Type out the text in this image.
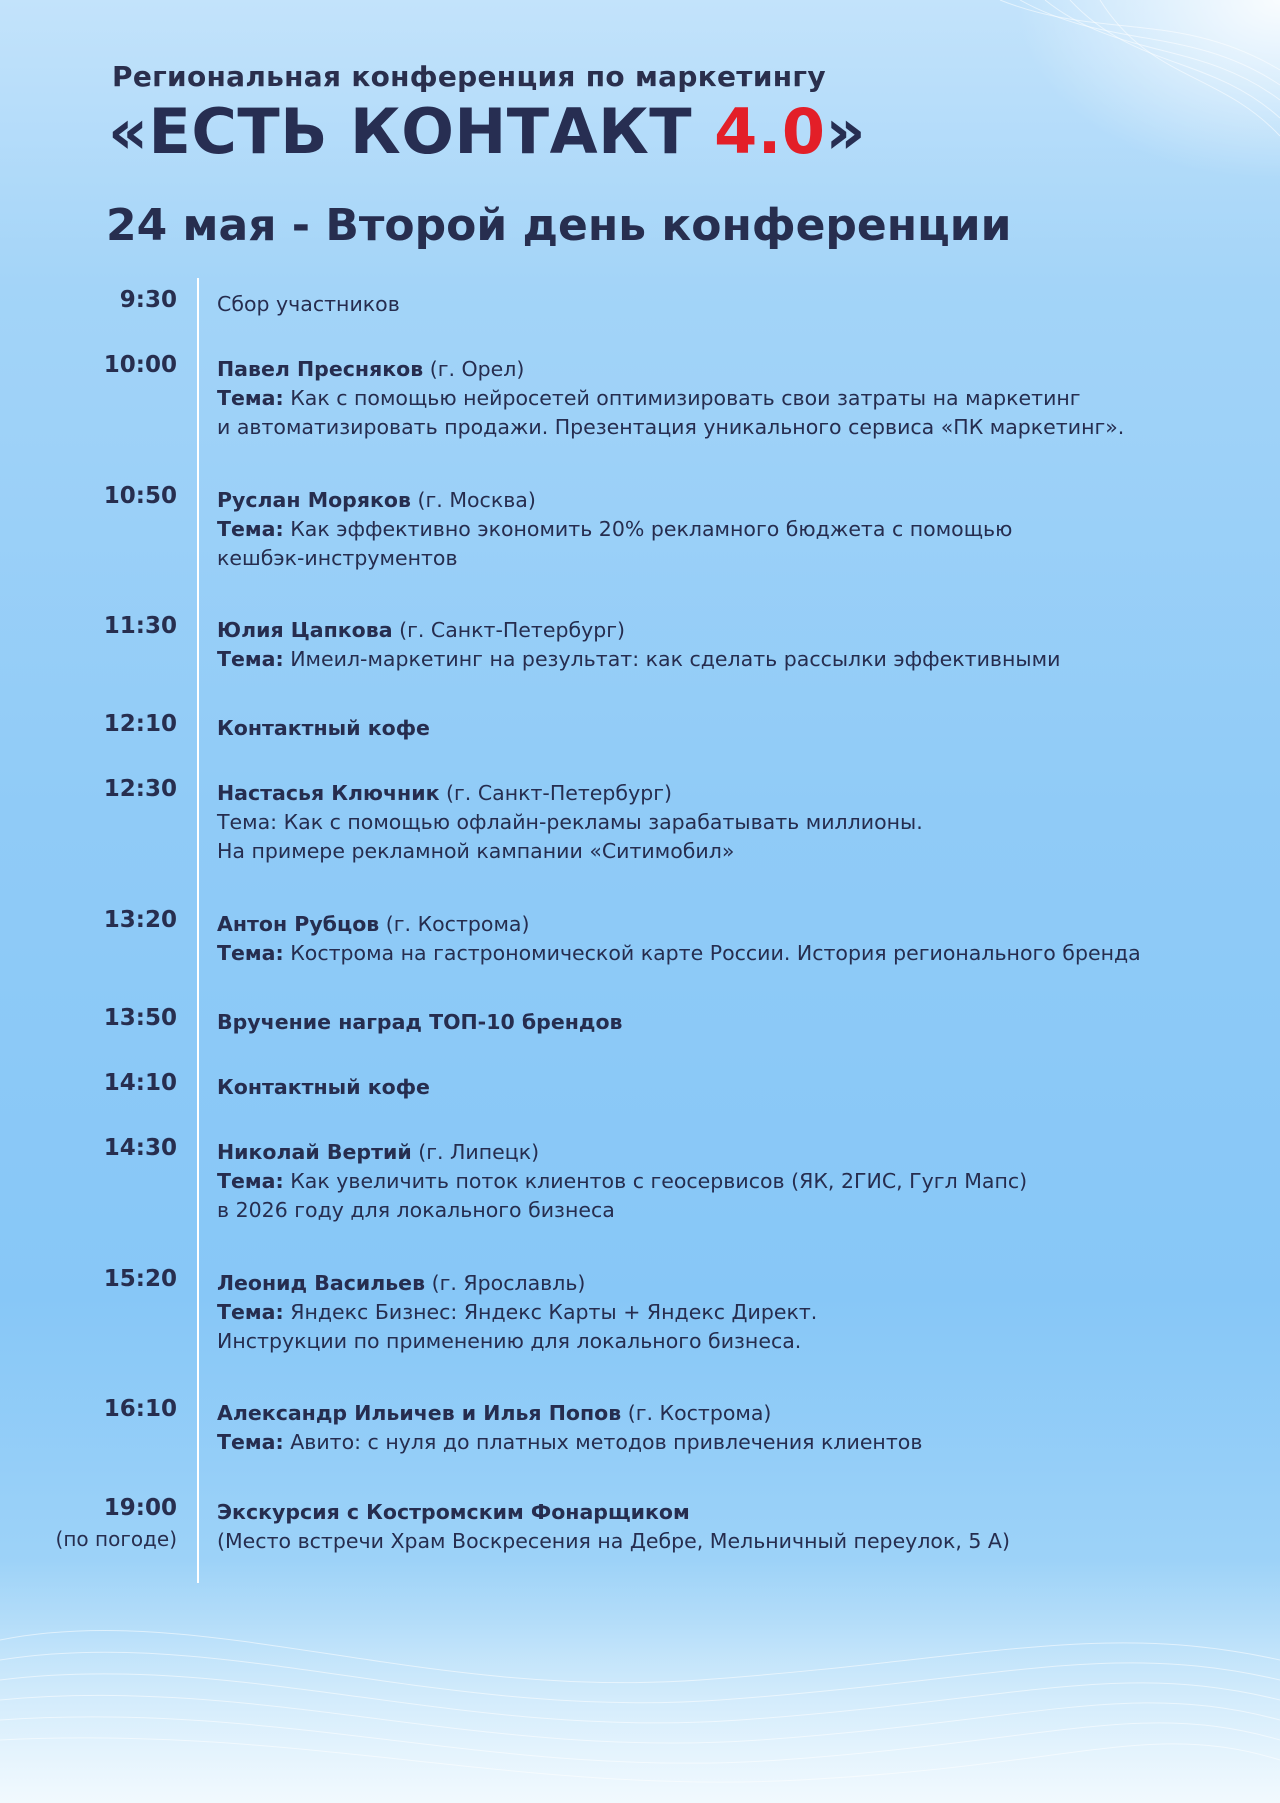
Региональная конференция по маркетингу
«ЕСТЬ КОНТАКТ 4.0»
24 мая - Второй день конференции
9:30 Сбор участников
10:00 Павел Пресняков (г. Орел)
Тема: Как с помощью нейросетей оптимизировать свои затраты на маркетинг
и автоматизировать продажи. Презентация уникального сервиса «ПК маркетинг».
10:50 Руслан Моряков (г. Москва)
Тема: Как эффективно экономить 20% рекламного бюджета с помощью
кешбэк-инструментов
11:30 Юлия Цапкова (г. Санкт-Петербург)
Тема: Имеил-маркетинг на результат: как сделать рассылки эффективными
12:10 Контактный кофе
12:30 Настасья Ключник (г. Санкт-Петербург)
Тема: Как с помощью офлайн-рекламы зарабатывать миллионы.
На примере рекламной кампании «Ситимобил»
13:20 Антон Рубцов (г. Кострома)
Тема: Кострома на гастрономической карте России. История регионального бренда
13:50 Вручение наград ТОП-10 брендов
14:10 Контактный кофе
14:30 Николай Вертий (г. Липецк)
Тема: Как увеличить поток клиентов с геосервисов (ЯК, 2ГИС, Гугл Мапс)
в 2026 году для локального бизнеса
15:20 Леонид Васильев (г. Ярославль)
Тема: Яндекс Бизнес: Яндекс Карты + Яндекс Директ.
Инструкции по применению для локального бизнеса.
16:10 Александр Ильичев и Илья Попов (г. Кострома)
Тема: Авито: с нуля до платных методов привлечения клиентов
19:00
(по погоде)
Экскурсия с Костромским Фонарщиком
(Место встречи Храм Воскресения на Дебре, Мельничный переулок, 5 А)
